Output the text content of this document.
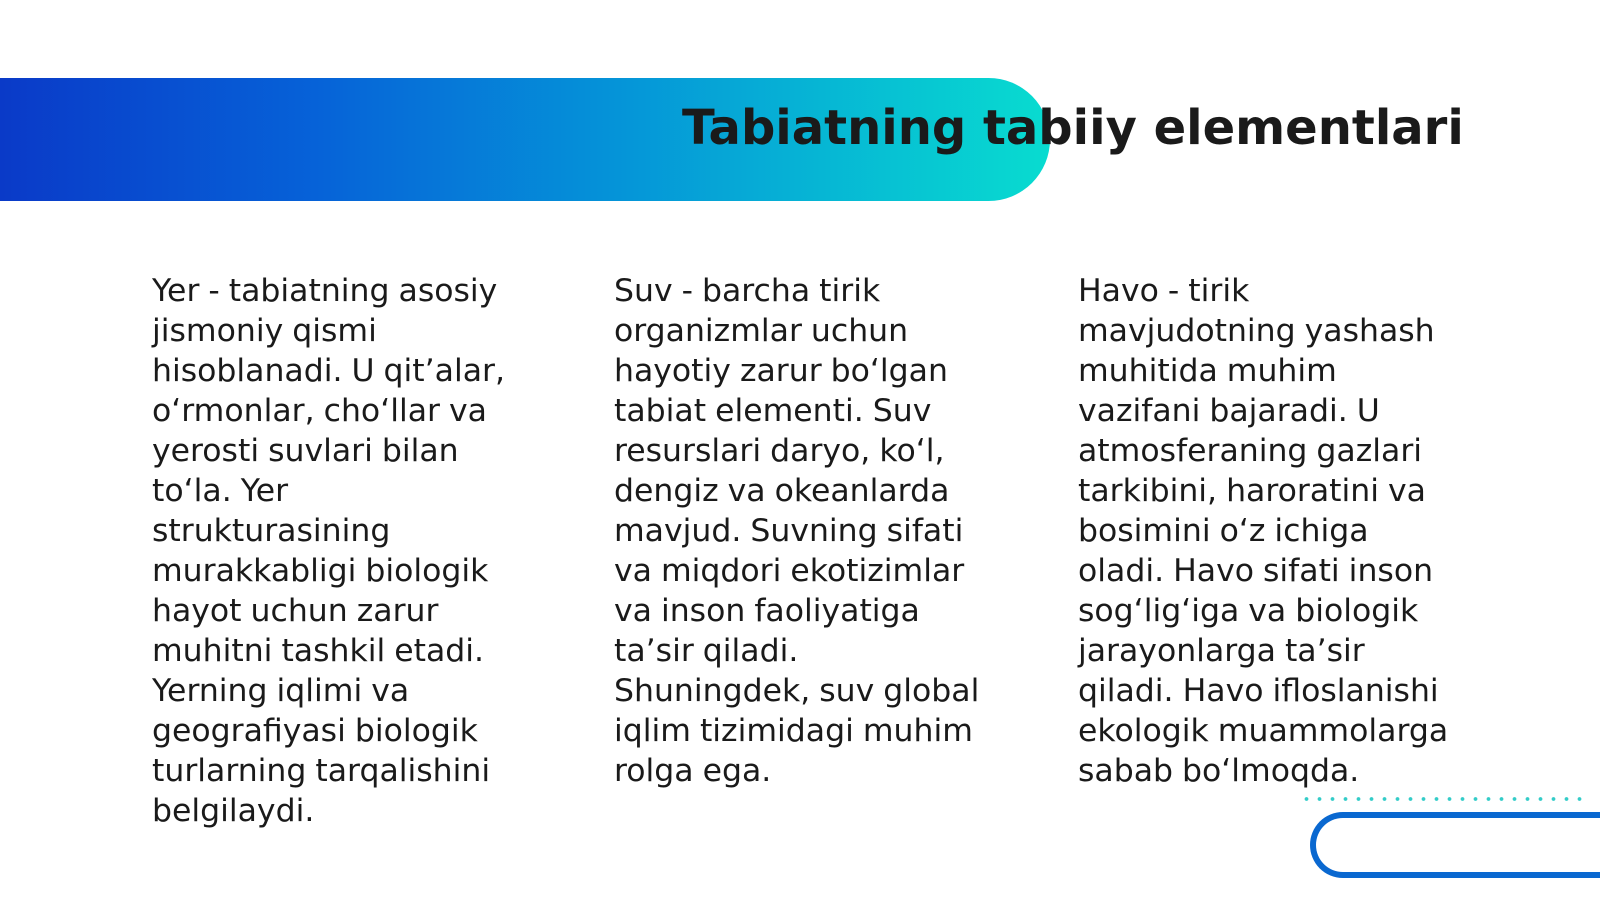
Tabiatning tabiiy elementlari

Yer - tabiatning asosiy jismoniy qismi hisoblanadi. U qit’alar, o‘rmonlar, cho‘llar va yerosti suvlari bilan to‘la. Yer strukturasining murakkabligi biologik hayot uchun zarur muhitni tashkil etadi. Yerning iqlimi va geografiyasi biologik turlarning tarqalishini belgilaydi.

Suv - barcha tirik organizmlar uchun hayotiy zarur bo‘lgan tabiat elementi. Suv resurslari daryo, ko‘l, dengiz va okeanlarda mavjud. Suvning sifati va miqdori ekotizimlar va inson faoliyatiga ta’sir qiladi. Shuningdek, suv global iqlim tizimidagi muhim rolga ega.

Havo - tirik mavjudotning yashash muhitida muhim vazifani bajaradi. U atmosferaning gazlari tarkibini, haroratini va bosimini o‘z ichiga oladi. Havo sifati inson sog‘lig‘iga va biologik jarayonlarga ta’sir qiladi. Havo ifloslanishi ekologik muammolarga sabab bo‘lmoqda.
